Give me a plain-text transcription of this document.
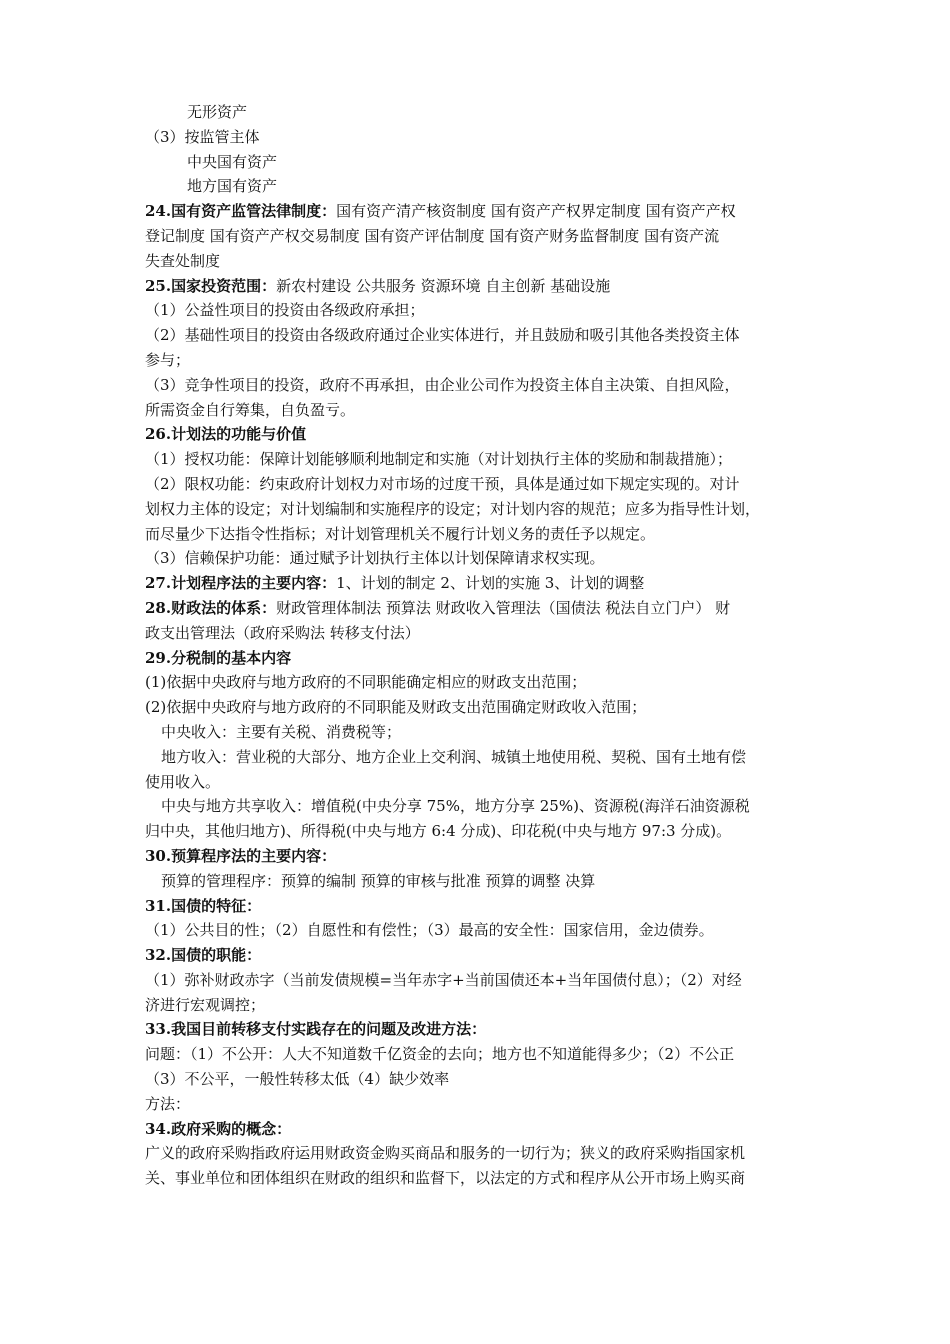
无形资产
（3）按监管主体
中央国有资产
地方国有资产
24.国有资产监管法律制度：国有资产清产核资制度 国有资产产权界定制度 国有资产产权
登记制度 国有资产产权交易制度 国有资产评估制度 国有资产财务监督制度 国有资产流
失查处制度
25.国家投资范围：新农村建设 公共服务 资源环境 自主创新 基础设施
（1）公益性项目的投资由各级政府承担；
（2）基础性项目的投资由各级政府通过企业实体进行，并且鼓励和吸引其他各类投资主体
参与；
（3）竞争性项目的投资，政府不再承担，由企业公司作为投资主体自主决策、自担风险，
所需资金自行筹集，自负盈亏。
26.计划法的功能与价值
（1）授权功能：保障计划能够顺利地制定和实施（对计划执行主体的奖励和制裁措施）；
（2）限权功能：约束政府计划权力对市场的过度干预，具体是通过如下规定实现的。对计
划权力主体的设定；对计划编制和实施程序的设定；对计划内容的规范；应多为指导性计划，
而尽量少下达指令性指标；对计划管理机关不履行计划义务的责任予以规定。
（3）信赖保护功能：通过赋予计划执行主体以计划保障请求权实现。
27.计划程序法的主要内容：1、计划的制定 2、计划的实施 3、计划的调整
28.财政法的体系：财政管理体制法 预算法 财政收入管理法（国债法 税法自立门户） 财
政支出管理法（政府采购法 转移支付法）
29.分税制的基本内容
(1)依据中央政府与地方政府的不同职能确定相应的财政支出范围；
(2)依据中央政府与地方政府的不同职能及财政支出范围确定财政收入范围；
中央收入：主要有关税、消费税等；
地方收入：营业税的大部分、地方企业上交利润、城镇土地使用税、契税、国有土地有偿
使用收入。
中央与地方共享收入：增值税(中央分享 75%，地方分享 25%)、资源税(海洋石油资源税
归中央，其他归地方)、所得税(中央与地方 6:4 分成)、印花税(中央与地方 97:3 分成)。
30.预算程序法的主要内容：
预算的管理程序：预算的编制 预算的审核与批准 预算的调整 决算
31.国债的特征：
（1）公共目的性；（2）自愿性和有偿性；（3）最高的安全性：国家信用，金边债券。
32.国债的职能：
（1）弥补财政赤字（当前发债规模=当年赤字+当前国债还本+当年国债付息）；（2）对经
济进行宏观调控；
33.我国目前转移支付实践存在的问题及改进方法：
问题：（1）不公开：人大不知道数千亿资金的去向；地方也不知道能得多少；（2）不公正
（3）不公平，一般性转移太低（4）缺少效率
方法：
34.政府采购的概念：
广义的政府采购指政府运用财政资金购买商品和服务的一切行为；狭义的政府采购指国家机
关、事业单位和团体组织在财政的组织和监督下，以法定的方式和程序从公开市场上购买商
